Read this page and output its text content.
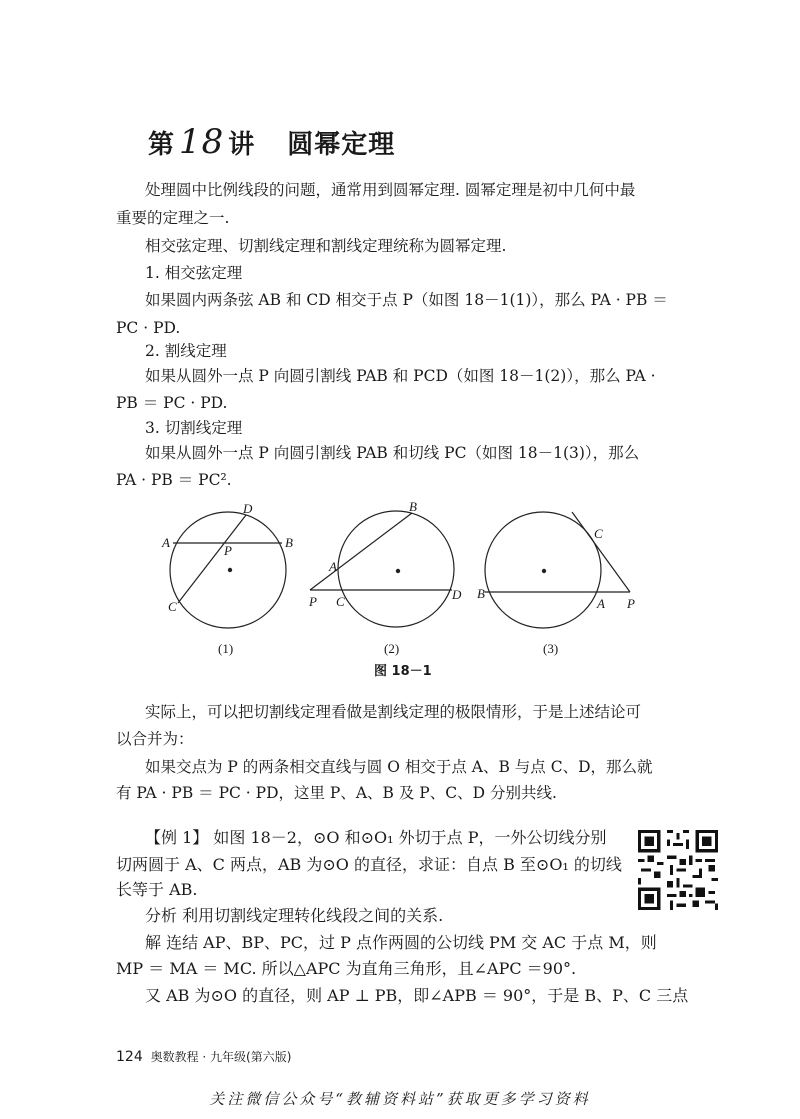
第 18 讲 圆幂定理
处理圆中比例线段的问题，通常用到圆幂定理. 圆幂定理是初中几何中最
重要的定理之一.
相交弦定理、切割线定理和割线定理统称为圆幂定理.
1. 相交弦定理
如果圆内两条弦 AB 和 CD 相交于点 P（如图 18－1(1)），那么 PA · PB ＝
PC · PD.
2. 割线定理
如果从圆外一点 P 向圆引割线 PAB 和 PCD（如图 18－1(2)），那么 PA ·
PB ＝ PC · PD.
3. 切割线定理
如果从圆外一点 P 向圆引割线 PAB 和切线 PC（如图 18－1(3)），那么
PA · PB ＝ PC².
D
A
P
B
C
(1)
B
A
P C	D
(2)
C
B
A P
(3)
图 18－1
实际上，可以把切割线定理看做是割线定理的极限情形，于是上述结论可
以合并为：
如果交点为 P 的两条相交直线与圆 O 相交于点 A、B 与点 C、D，那么就
有 PA · PB ＝ PC · PD，这里 P、A、B 及 P、C、D 分别共线.
【例 1】 如图 18－2，⊙O 和⊙O₁ 外切于点 P，一外公切线分别
切两圆于 A、C 两点，AB 为⊙O 的直径，求证：自点 B 至⊙O₁ 的切线
长等于 AB.
分析 利用切割线定理转化线段之间的关系.
解 连结 AP、BP、PC，过 P 点作两圆的公切线 PM 交 AC 于点 M，则
MP ＝ MA ＝ MC. 所以△APC 为直角三角形，且∠APC ＝90°.
又 AB 为⊙O 的直径，则 AP ⊥ PB，即∠APB ＝ 90°，于是 B、P、C 三点
124 奥数教程 · 九年级(第六版)
关注微信公众号“教辅资料站”获取更多学习资料
